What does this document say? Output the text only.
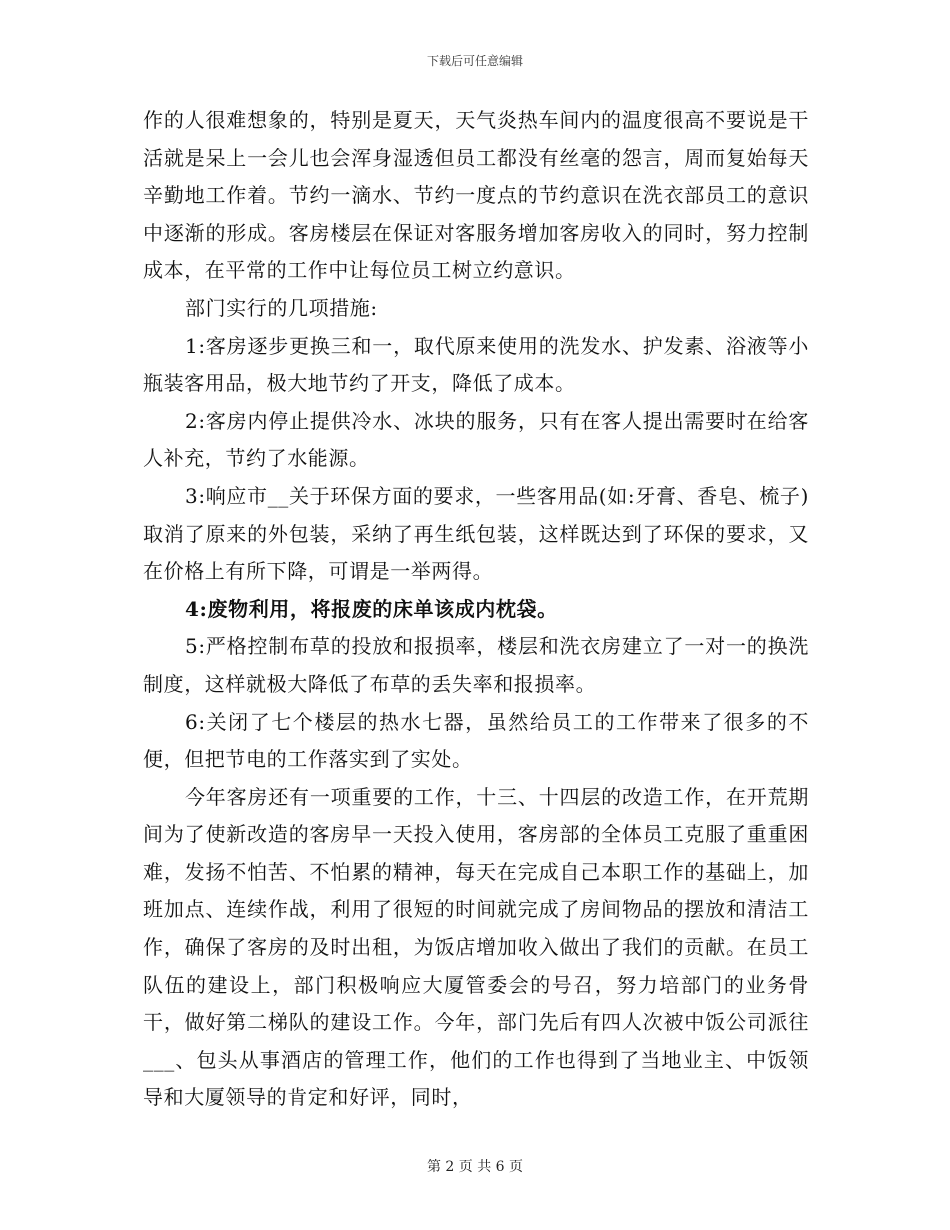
下载后可任意编辑

作的人很难想象的，特别是夏天，天气炎热车间内的温度很高不要说是干活就是呆上一会儿也会浑身湿透但员工都没有丝毫的怨言，周而复始每天辛勤地工作着。节约一滴水、节约一度点的节约意识在洗衣部员工的意识中逐渐的形成。客房楼层在保证对客服务增加客房收入的同时，努力控制成本，在平常的工作中让每位员工树立约意识。

部门实行的几项措施:

1:客房逐步更换三和一，取代原来使用的洗发水、护发素、浴液等小瓶装客用品，极大地节约了开支，降低了成本。

2:客房内停止提供冷水、冰块的服务，只有在客人提出需要时在给客人补充，节约了水能源。

3:响应市__关于环保方面的要求，一些客用品(如:牙膏、香皂、梳子)取消了原来的外包装，采纳了再生纸包装，这样既达到了环保的要求，又在价格上有所下降，可谓是一举两得。

4:废物利用，将报废的床单该成内枕袋。

5:严格控制布草的投放和报损率，楼层和洗衣房建立了一对一的换洗制度，这样就极大降低了布草的丢失率和报损率。

6:关闭了七个楼层的热水七器，虽然给员工的工作带来了很多的不便，但把节电的工作落实到了实处。

今年客房还有一项重要的工作，十三、十四层的改造工作，在开荒期间为了使新改造的客房早一天投入使用，客房部的全体员工克服了重重困难，发扬不怕苦、不怕累的精神，每天在完成自己本职工作的基础上，加班加点、连续作战，利用了很短的时间就完成了房间物品的摆放和清洁工作，确保了客房的及时出租，为饭店增加收入做出了我们的贡献。在员工队伍的建设上，部门积极响应大厦管委会的号召，努力培部门的业务骨干，做好第二梯队的建设工作。今年，部门先后有四人次被中饭公司派往___、包头从事酒店的管理工作，他们的工作也得到了当地业主、中饭领导和大厦领导的肯定和好评，同时，

第 2 页 共 6 页
